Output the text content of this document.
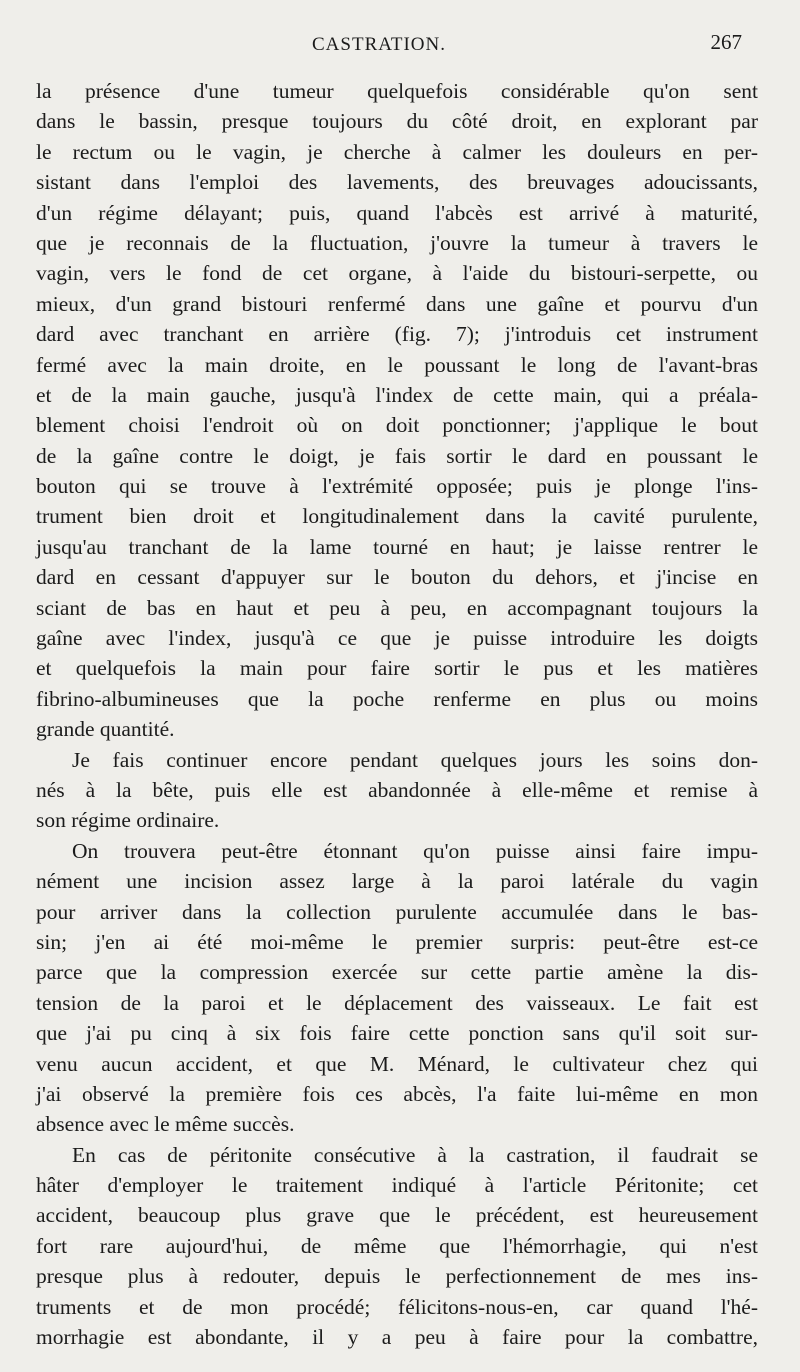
CASTRATION.	267
la présence d'une tumeur quelquefois considérable qu'on sent
dans le bassin, presque toujours du côté droit, en explorant par
le rectum ou le vagin, je cherche à calmer les douleurs en per-
sistant dans l'emploi des lavements, des breuvages adoucissants,
d'un régime délayant; puis, quand l'abcès est arrivé à maturité,
que je reconnais de la fluctuation, j'ouvre la tumeur à travers le
vagin, vers le fond de cet organe, à l'aide du bistouri-serpette, ou
mieux, d'un grand bistouri renfermé dans une gaîne et pourvu d'un
dard avec tranchant en arrière (fig. 7); j'introduis cet instrument
fermé avec la main droite, en le poussant le long de l'avant-bras
et de la main gauche, jusqu'à l'index de cette main, qui a préala-
blement choisi l'endroit où on doit ponctionner; j'applique le bout
de la gaîne contre le doigt, je fais sortir le dard en poussant le
bouton qui se trouve à l'extrémité opposée; puis je plonge l'ins-
trument bien droit et longitudinalement dans la cavité purulente,
jusqu'au tranchant de la lame tourné en haut; je laisse rentrer le
dard en cessant d'appuyer sur le bouton du dehors, et j'incise en
sciant de bas en haut et peu à peu, en accompagnant toujours la
gaîne avec l'index, jusqu'à ce que je puisse introduire les doigts
et quelquefois la main pour faire sortir le pus et les matières
fibrino-albumineuses que la poche renferme en plus ou moins
grande quantité.
Je fais continuer encore pendant quelques jours les soins don-
nés à la bête, puis elle est abandonnée à elle-même et remise à
son régime ordinaire.
On trouvera peut-être étonnant qu'on puisse ainsi faire impu-
nément une incision assez large à la paroi latérale du vagin
pour arriver dans la collection purulente accumulée dans le bas-
sin; j'en ai été moi-même le premier surpris: peut-être est-ce
parce que la compression exercée sur cette partie amène la dis-
tension de la paroi et le déplacement des vaisseaux. Le fait est
que j'ai pu cinq à six fois faire cette ponction sans qu'il soit sur-
venu aucun accident, et que M. Ménard, le cultivateur chez qui
j'ai observé la première fois ces abcès, l'a faite lui-même en mon
absence avec le même succès.
En cas de péritonite consécutive à la castration, il faudrait se
hâter d'employer le traitement indiqué à l'article Péritonite; cet
accident, beaucoup plus grave que le précédent, est heureusement
fort rare aujourd'hui, de même que l'hémorrhagie, qui n'est
presque plus à redouter, depuis le perfectionnement de mes ins-
truments et de mon procédé; félicitons-nous-en, car quand l'hé-
morrhagie est abondante, il y a peu à faire pour la combattre,
